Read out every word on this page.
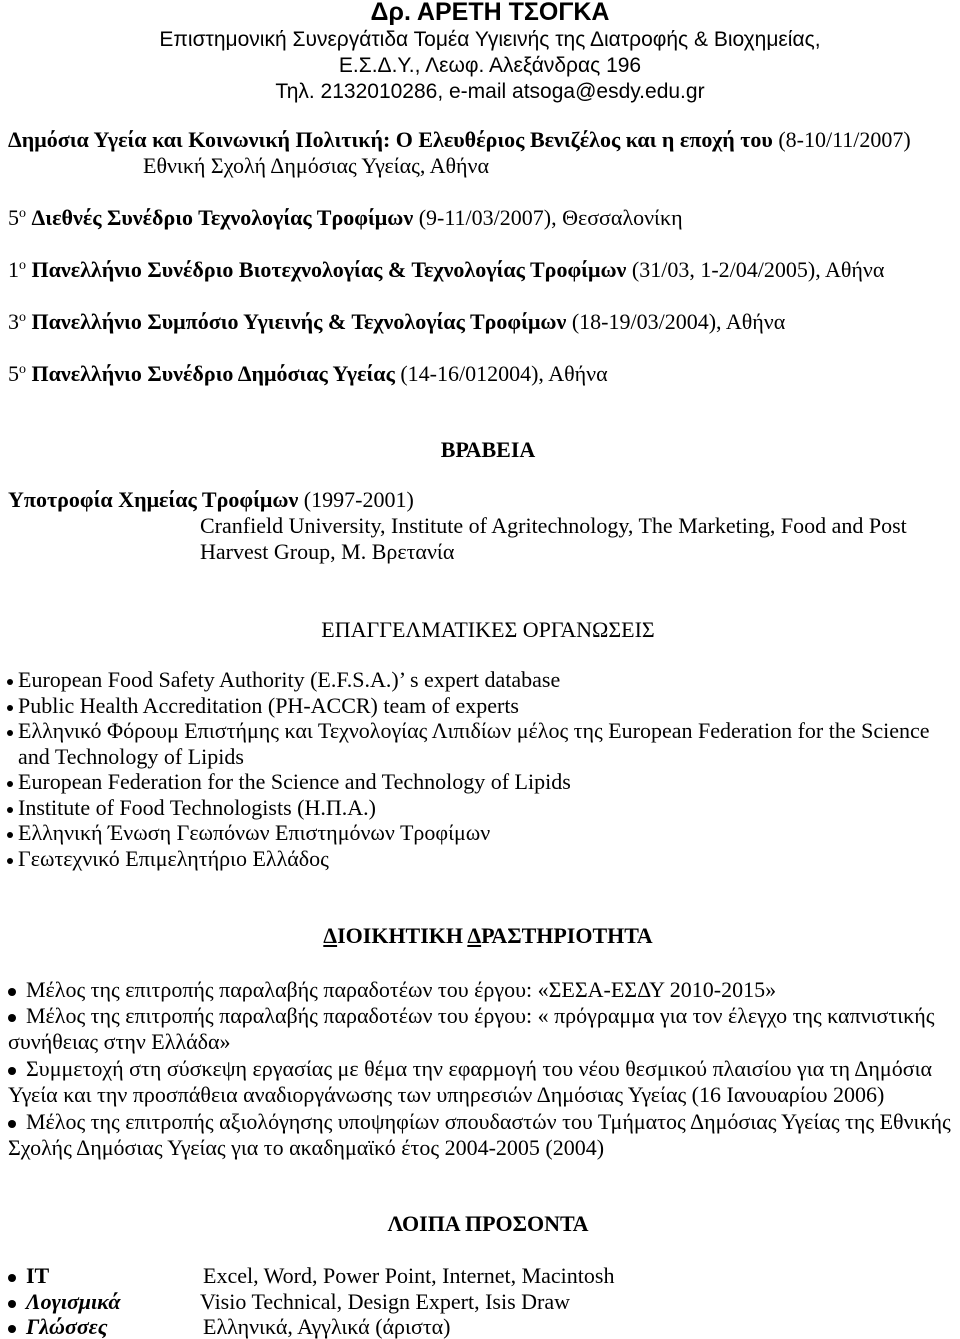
Δρ. ΑΡΕΤΗ ΤΣΟΓΚΑ
Επιστημονική Συνεργάτιδα Τομέα Υγιεινής της Διατροφής & Βιοχημείας,
Ε.Σ.Δ.Υ., Λεωφ. Αλεξάνδρας 196
Τηλ. 2132010286, e-mail atsoga@esdy.edu.gr
Δημόσια Υγεία και Κοινωνική Πολιτική: Ο Ελευθέριος Βενιζέλος και η εποχή του (8-10/11/2007)
Εθνική Σχολή Δημόσιας Υγείας, Αθήνα
$5^o$ Διεθνές Συνέδριο Τεχνολογίας Τροφίμων (9-11/03/2007), Θεσσαλονίκη
$1^o$ Πανελλήνιο Συνέδριο Βιοτεχνολογίας & Τεχνολογίας Τροφίμων (31/03, 1-2/04/2005), Αθήνα
$3^o$ Πανελλήνιο Συμπόσιο Υγιεινής & Τεχνολογίας Τροφίμων (18-19/03/2004), Αθήνα
$5^o$ Πανελλήνιο Συνέδριο Δημόσιας Υγείας (14-16/012004), Αθήνα
ΒΡΑΒΕΙΑ
Υποτροφία Χημείας Τροφίμων (1997-2001)
Cranfield University, Institute of Agritechnology, The Marketing, Food and Post
Harvest Group, Μ. Βρετανία
ΕΠΑΓΓΕΛΜΑΤΙΚΕΣ ΟΡΓΑΝΩΣΕΙΣ
European Food Safety Authority (E.F.S.A.)’ s expert database
Public Health Accreditation (PH-ACCR) team of experts
Ελληνικό Φόρουμ Επιστήμης και Τεχνολογίας Λιπιδίων μέλος της European Federation for the Science
and Technology of Lipids
European Federation for the Science and Technology of Lipids
Institute of Food Technologists (Η.Π.Α.)
Ελληνική Ένωση Γεωπόνων Επιστημόνων Τροφίμων
Γεωτεχνικό Επιμελητήριο Ελλάδος
ΔΙΟΙΚΗΤΙΚΗ ΔΡΑΣΤΗΡΙΟΤΗΤΑ
Μέλος της επιτροπής παραλαβής παραδοτέων του έργου: «ΣΕΣΑ-ΕΣΔΥ 2010-2015»
Μέλος της επιτροπής παραλαβής παραδοτέων του έργου: « πρόγραμμα για τον έλεγχο της καπνιστικής
συνήθειας στην Ελλάδα»
Συμμετοχή στη σύσκεψη εργασίας με θέμα την εφαρμογή του νέου θεσμικού πλαισίου για τη Δημόσια
Υγεία και την προσπάθεια αναδιοργάνωσης των υπηρεσιών Δημόσιας Υγείας (16 Ιανουαρίου 2006)
Μέλος της επιτροπής αξιολόγησης υποψηφίων σπουδαστών του Τμήματος Δημόσιας Υγείας της Εθνικής
Σχολής Δημόσιας Υγείας για το ακαδημαϊκό έτος 2004-2005 (2004)
ΛΟΙΠΑ ΠΡΟΣΟΝΤΑ
IT	Excel, Word, Power Point, Internet, Macintosh
Λογισμικά	Visio Technical, Design Expert, Isis Draw
Γλώσσες	Ελληνικά, Αγγλικά (άριστα)
